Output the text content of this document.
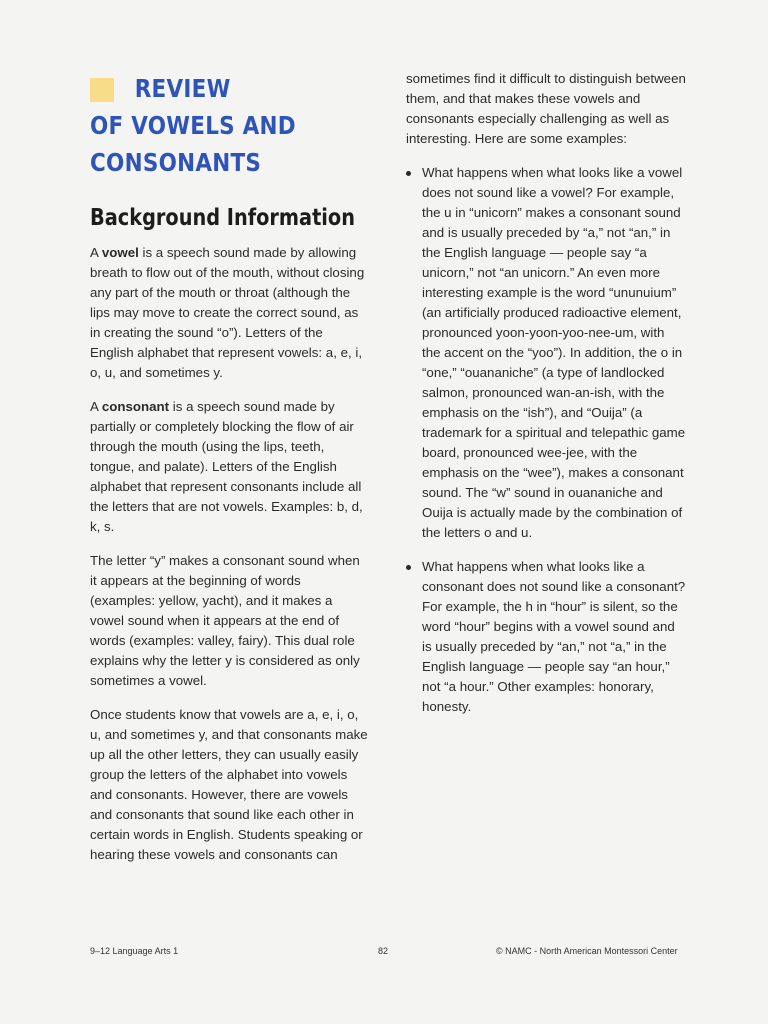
REVIEW
OF VOWELS AND
CONSONANTS
Background Information

A vowel is a speech sound made by allowing breath to flow out of the mouth, without closing any part of the mouth or throat (although the lips may move to create the correct sound, as in creating the sound “o”). Letters of the English alphabet that represent vowels: a, e, i, o, u, and sometimes y.

A consonant is a speech sound made by partially or completely blocking the flow of air through the mouth (using the lips, teeth, tongue, and palate). Letters of the English alphabet that represent consonants include all the letters that are not vowels. Examples: b, d, k, s.

The letter “y” makes a consonant sound when it appears at the beginning of words (examples: yellow, yacht), and it makes a vowel sound when it appears at the end of words (examples: valley, fairy). This dual role explains why the letter y is considered as only sometimes a vowel.

Once students know that vowels are a, e, i, o, u, and sometimes y, and that consonants make up all the other letters, they can usually easily group the letters of the alphabet into vowels and consonants. However, there are vowels and consonants that sound like each other in certain words in English. Students speaking or hearing these vowels and consonants can

sometimes find it difficult to distinguish between them, and that makes these vowels and consonants especially challenging as well as interesting. Here are some examples:

What happens when what looks like a vowel does not sound like a vowel? For example, the u in “unicorn” makes a consonant sound and is usually preceded by “a,” not “an,” in the English language — people say “a unicorn,” not “an unicorn.” An even more interesting example is the word “ununuium” (an artificially produced radioactive element, pronounced yoon-yoon-yoo-nee-um, with the accent on the “yoo”). In addition, the o in “one,” “ouananiche” (a type of landlocked salmon, pronounced wan-an-ish, with the emphasis on the “ish”), and “Ouija” (a trademark for a spiritual and telepathic game board, pronounced wee-jee, with the emphasis on the “wee”), makes a consonant sound. The “w” sound in ouananiche and Ouija is actually made by the combination of the letters o and u.
What happens when what looks like a consonant does not sound like a consonant? For example, the h in “hour” is silent, so the word “hour” begins with a vowel sound and is usually preceded by “an,” not “a,” in the English language — people say “an hour,” not “a hour.” Other examples: honorary, honesty.
9–12 Language Arts 1	82	© NAMC - North American Montessori Center
